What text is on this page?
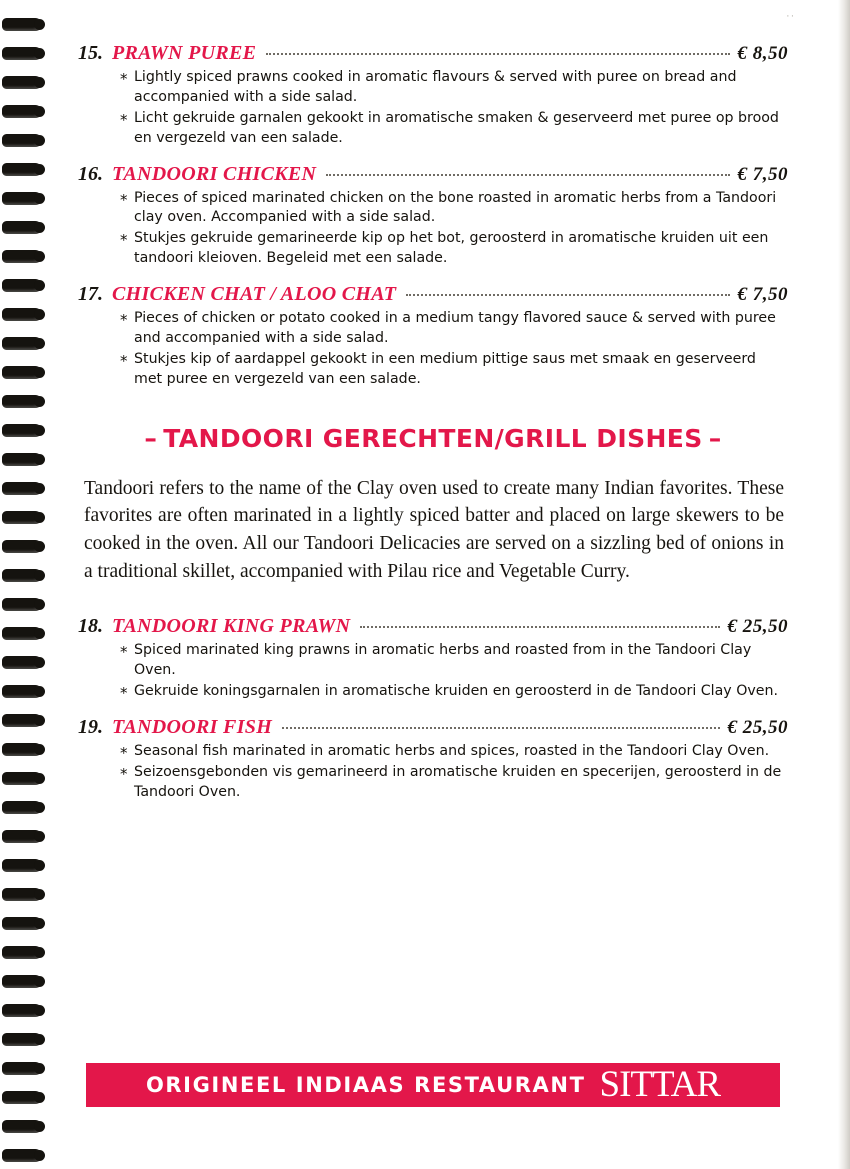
··
15. PRAWN PUREE	€ 8,50
* Lightly spiced prawns cooked in aromatic flavours & served with puree on bread and accompanied with a side salad.
* Licht gekruide garnalen gekookt in aromatische smaken & geserveerd met puree op brood en vergezeld van een salade.
16. TANDOORI CHICKEN	€ 7,50
* Pieces of spiced marinated chicken on the bone roasted in aromatic herbs from a Tandoori clay oven. Accompanied with a side salad.
* Stukjes gekruide gemarineerde kip op het bot, geroosterd in aromatische kruiden uit een tandoori kleioven. Begeleid met een salade.
17. CHICKEN CHAT / ALOO CHAT	€ 7,50
* Pieces of chicken or potato cooked in a medium tangy flavored sauce & served with puree and accompanied with a side salad.
* Stukjes kip of aardappel gekookt in een medium pittige saus met smaak en geserveerd met puree en vergezeld van een salade.
– TANDOORI GERECHTEN/GRILL DISHES –

Tandoori refers to the name of the Clay oven used to create many Indian favorites. These favorites are often marinated in a lightly spiced batter and placed on large skewers to be cooked in the oven. All our Tandoori Delicacies are served on a sizzling bed of onions in a traditional skillet, accompanied with Pilau rice and Vegetable Curry.

18. TANDOORI KING PRAWN	€ 25,50
* Spiced marinated king prawns in aromatic herbs and roasted from in the Tandoori Clay Oven.
* Gekruide koningsgarnalen in aromatische kruiden en geroosterd in de Tandoori Clay Oven.
19. TANDOORI FISH	€ 25,50
* Seasonal fish marinated in aromatic herbs and spices, roasted in the Tandoori Clay Oven.
* Seizoensgebonden vis gemarineerd in aromatische kruiden en specerijen, geroosterd in de Tandoori Oven.
ORIGINEEL INDIAAS RESTAURANT SITTAR
